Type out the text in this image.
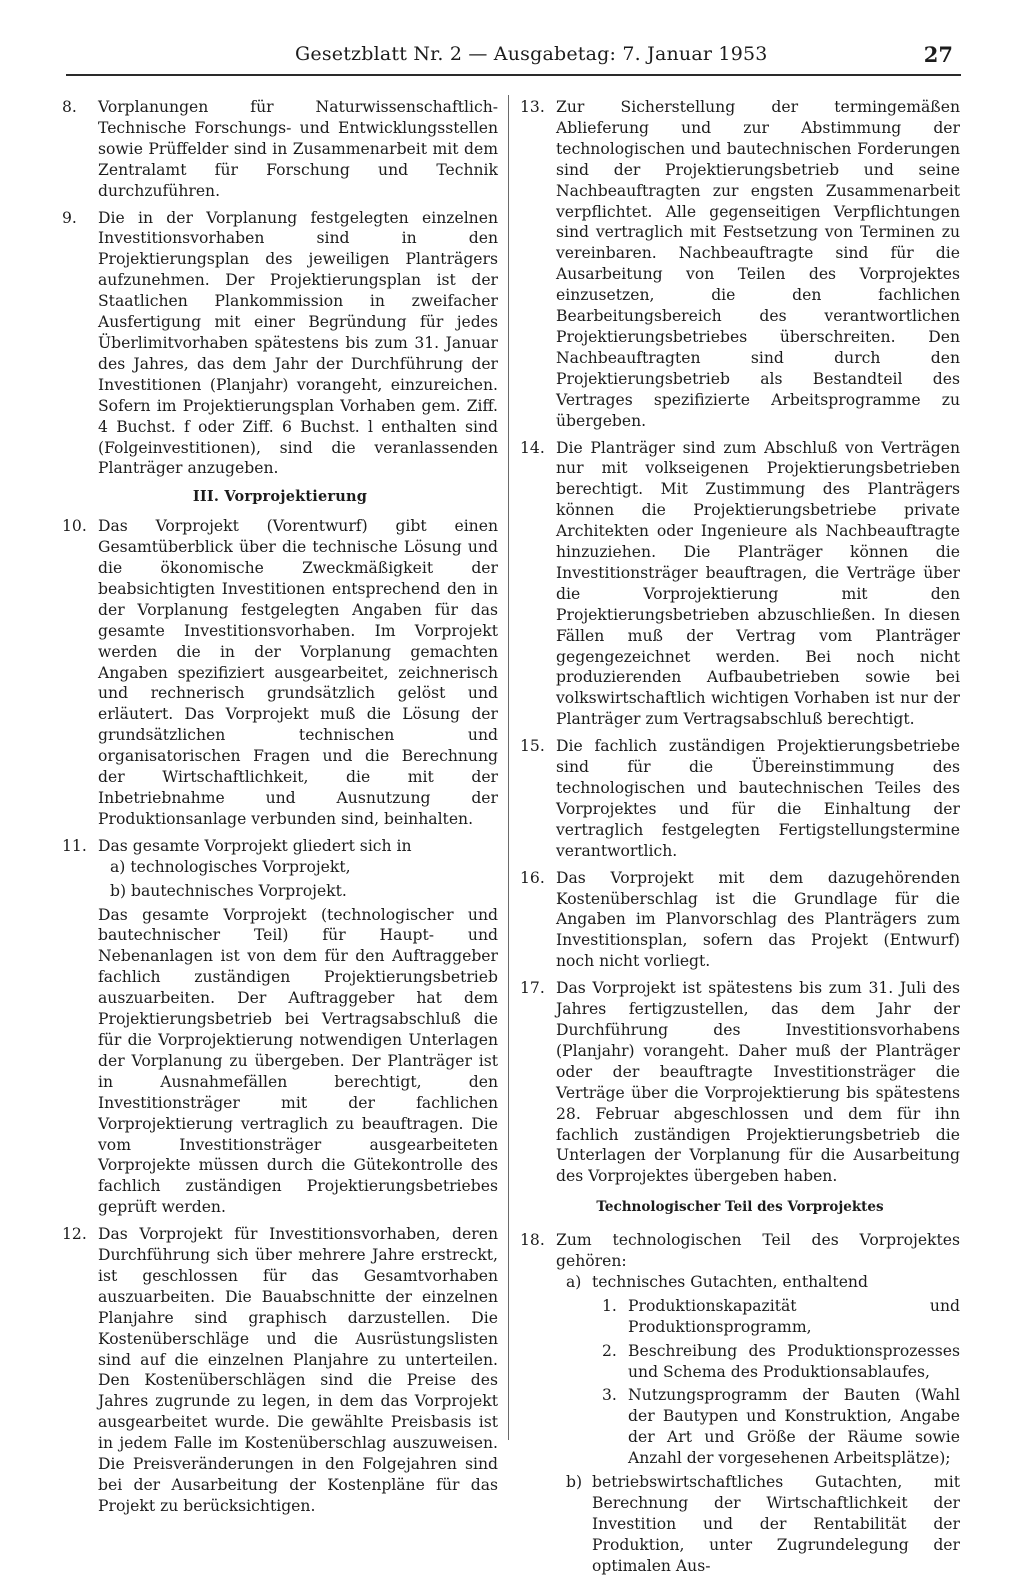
Gesetzblatt Nr. 2 — Ausgabetag: 7. Januar 1953	27
8.	Vorplanungen für Naturwissenschaftlich-Technische Forschungs- und Entwicklungsstellen sowie Prüffelder sind in Zusammenarbeit mit dem Zentralamt für Forschung und Technik durchzuführen.
9.	Die in der Vorplanung festgelegten einzelnen Investitionsvorhaben sind in den Projektierungsplan des jeweiligen Planträgers aufzunehmen. Der Projektierungsplan ist der Staatlichen Plankommission in zweifacher Ausfertigung mit einer Begründung für jedes Überlimitvorhaben spätestens bis zum 31. Januar des Jahres, das dem Jahr der Durchführung der Investitionen (Planjahr) vorangeht, einzureichen. Sofern im Projektierungsplan Vorhaben gem. Ziff. 4 Buchst. f oder Ziff. 6 Buchst. l enthalten sind (Folgeinvestitionen), sind die veranlassenden Planträger anzugeben.
III. Vorprojektierung
10. Das Vorprojekt (Vorentwurf) gibt einen Gesamtüberblick über die technische Lösung und die ökonomische Zweckmäßigkeit der beabsichtigten Investitionen entsprechend den in der Vorplanung festgelegten Angaben für das gesamte Investitionsvorhaben. Im Vorprojekt werden die in der Vorplanung gemachten Angaben spezifiziert ausgearbeitet, zeichnerisch und rechnerisch grundsätzlich gelöst und erläutert. Das Vorprojekt muß die Lösung der grundsätzlichen technischen und organisatorischen Fragen und die Berechnung der Wirtschaftlichkeit, die mit der Inbetriebnahme und Ausnutzung der Produktionsanlage verbunden sind, beinhalten.
11. Das gesamte Vorprojekt gliedert sich in
a) technologisches Vorprojekt,
b) bautechnisches Vorprojekt.
Das gesamte Vorprojekt (technologischer und bautechnischer Teil) für Haupt- und Nebenanlagen ist von dem für den Auftraggeber fachlich zuständigen Projektierungsbetrieb auszuarbeiten. Der Auftraggeber hat dem Projektierungsbetrieb bei Vertragsabschluß die für die Vorprojektierung notwendigen Unterlagen der Vorplanung zu übergeben. Der Planträger ist in Ausnahmefällen berechtigt, den Investitionsträger mit der fachlichen Vorprojektierung vertraglich zu beauftragen. Die vom Investitionsträger ausgearbeiteten Vorprojekte müssen durch die Gütekontrolle des fachlich zuständigen Projektierungsbetriebes geprüft werden.
12. Das Vorprojekt für Investitionsvorhaben, deren Durchführung sich über mehrere Jahre erstreckt, ist geschlossen für das Gesamtvorhaben auszuarbeiten. Die Bauabschnitte der einzelnen Planjahre sind graphisch darzustellen. Die Kostenüberschläge und die Ausrüstungslisten sind auf die einzelnen Planjahre zu unterteilen. Den Kostenüberschlägen sind die Preise des Jahres zugrunde zu legen, in dem das Vorprojekt ausgearbeitet wurde. Die gewählte Preisbasis ist in jedem Falle im Kostenüberschlag auszuweisen. Die Preisveränderungen in den Folgejahren sind bei der Ausarbeitung der Kostenpläne für das Projekt zu berücksichtigen.
13. Zur Sicherstellung der termingemäßen Ablieferung und zur Abstimmung der technologischen und bautechnischen Forderungen sind der Projektierungsbetrieb und seine Nachbeauftragten zur engsten Zusammenarbeit verpflichtet. Alle gegenseitigen Verpflichtungen sind vertraglich mit Festsetzung von Terminen zu vereinbaren. Nachbeauftragte sind für die Ausarbeitung von Teilen des Vorprojektes einzusetzen, die den fachlichen Bearbeitungsbereich des verantwortlichen Projektierungsbetriebes überschreiten. Den Nachbeauftragten sind durch den Projektierungsbetrieb als Bestandteil des Vertrages spezifizierte Arbeitsprogramme zu übergeben.
14. Die Planträger sind zum Abschluß von Verträgen nur mit volkseigenen Projektierungsbetrieben berechtigt. Mit Zustimmung des Planträgers können die Projektierungsbetriebe private Architekten oder Ingenieure als Nachbeauftragte hinzuziehen. Die Planträger können die Investitionsträger beauftragen, die Verträge über die Vorprojektierung mit den Projektierungsbetrieben abzuschließen. In diesen Fällen muß der Vertrag vom Planträger gegengezeichnet werden. Bei noch nicht produzierenden Aufbaubetrieben sowie bei volkswirtschaftlich wichtigen Vorhaben ist nur der Planträger zum Vertragsabschluß berechtigt.
15. Die fachlich zuständigen Projektierungsbetriebe sind für die Übereinstimmung des technologischen und bautechnischen Teiles des Vorprojektes und für die Einhaltung der vertraglich festgelegten Fertigstellungstermine verantwortlich.
16. Das Vorprojekt mit dem dazugehörenden Kostenüberschlag ist die Grundlage für die Angaben im Planvorschlag des Planträgers zum Investitionsplan, sofern das Projekt (Entwurf) noch nicht vorliegt.
17. Das Vorprojekt ist spätestens bis zum 31. Juli des Jahres fertigzustellen, das dem Jahr der Durchführung des Investitionsvorhabens (Planjahr) vorangeht. Daher muß der Planträger oder der beauftragte Investitionsträger die Verträge über die Vorprojektierung bis spätestens 28. Februar abgeschlossen und dem für ihn fachlich zuständigen Projektierungsbetrieb die Unterlagen der Vorplanung für die Ausarbeitung des Vorprojektes übergeben haben.
Technologischer Teil des Vorprojektes
18. Zum technologischen Teil des Vorprojektes gehören:
a) technisches Gutachten, enthaltend
1. Produktionskapazität und Produktionsprogramm,
2. Beschreibung des Produktionsprozesses und Schema des Produktionsablaufes,
3. Nutzungsprogramm der Bauten (Wahl der Bautypen und Konstruktion, Angabe der Art und Größe der Räume sowie Anzahl der vorgesehenen Arbeitsplätze);
b) betriebswirtschaftliches Gutachten, mit Berechnung der Wirtschaftlichkeit der Investition und der Rentabilität der Produktion, unter Zugrundelegung der optimalen Aus-
